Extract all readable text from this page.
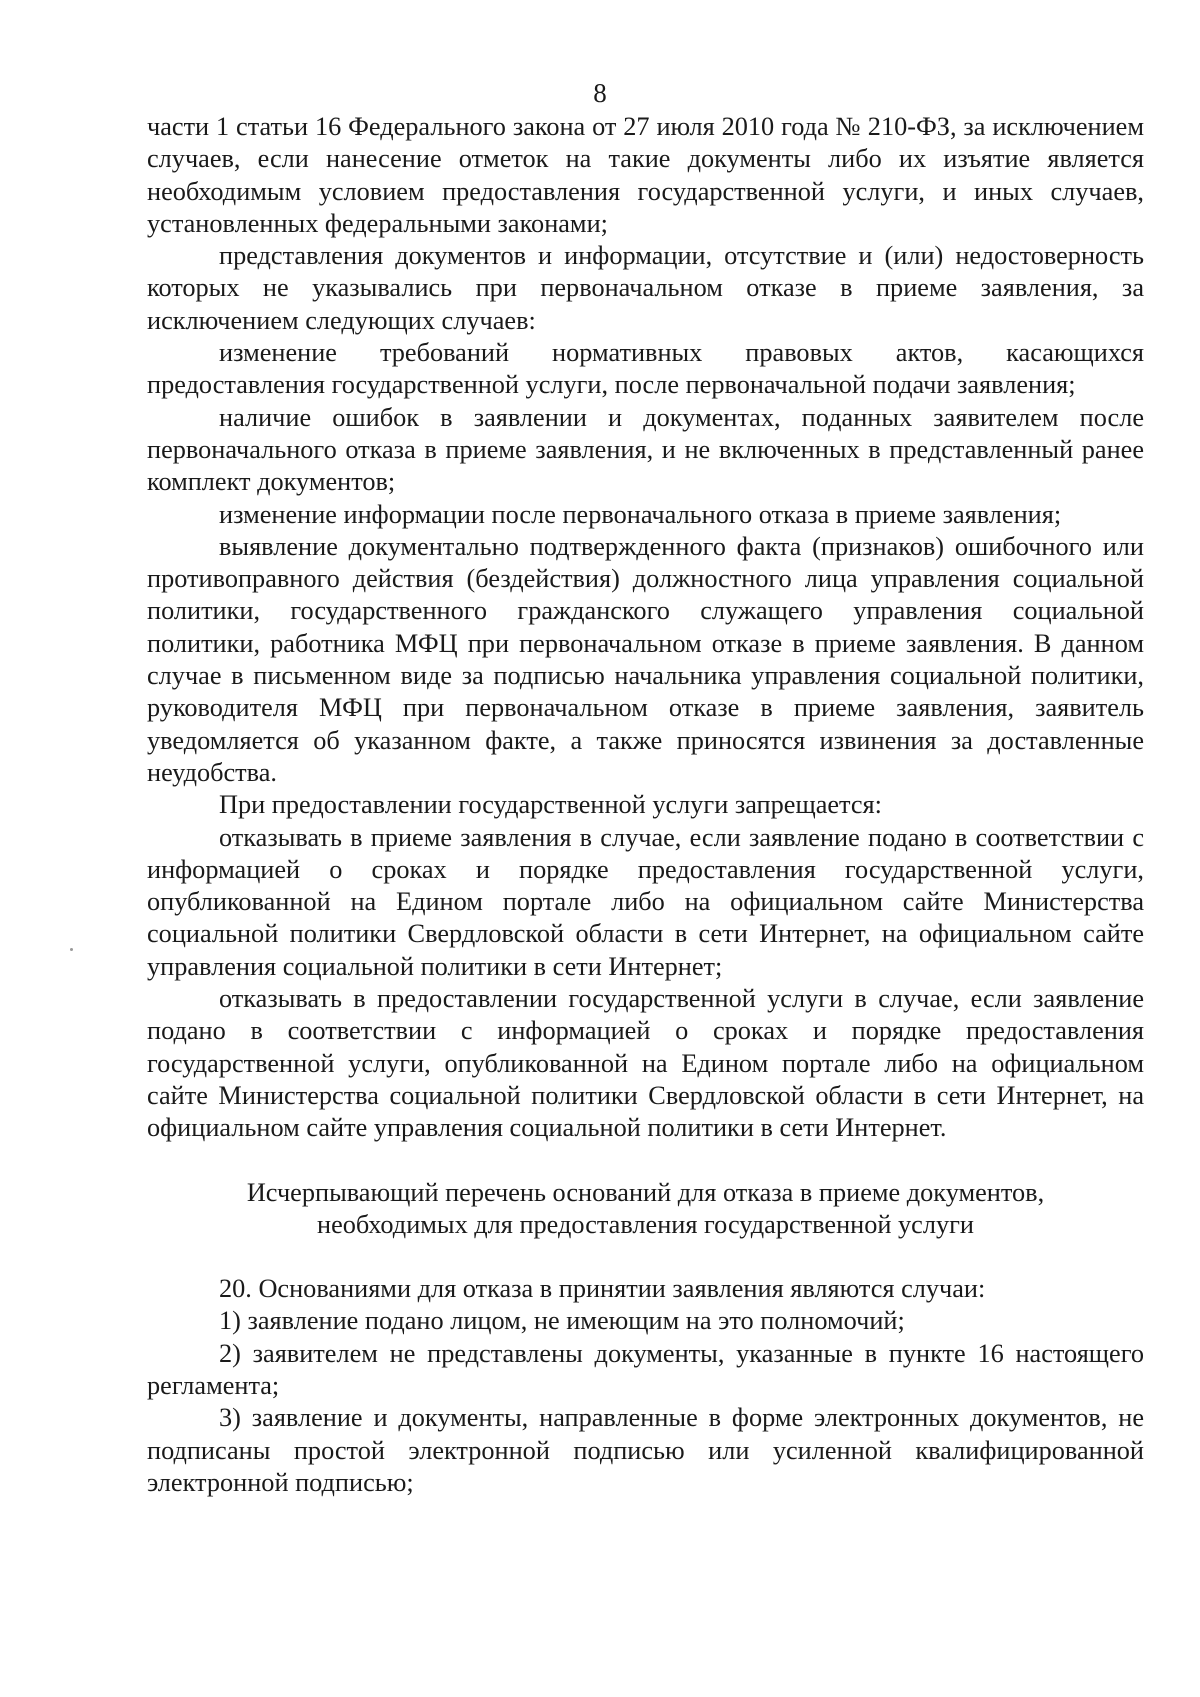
8

части 1 статьи 16 Федерального закона от 27 июля 2010 года № 210-ФЗ, за исключением случаев, если нанесение отметок на такие документы либо их изъятие является необходимым условием предоставления государственной услуги, и иных случаев, установленных федеральными законами;

представления документов и информации, отсутствие и (или) недостоверность которых не указывались при первоначальном отказе в приеме заявления, за исключением следующих случаев:

изменение требований нормативных правовых актов, касающихся предоставления государственной услуги, после первоначальной подачи заявления;

наличие ошибок в заявлении и документах, поданных заявителем после первоначального отказа в приеме заявления, и не включенных в представленный ранее комплект документов;

изменение информации после первоначального отказа в приеме заявления;

выявление документально подтвержденного факта (признаков) ошибочного или противоправного действия (бездействия) должностного лица управления социальной политики, государственного гражданского служащего управления социальной политики, работника МФЦ при первоначальном отказе в приеме заявления. В данном случае в письменном виде за подписью начальника управления социальной политики, руководителя МФЦ при первоначальном отказе в приеме заявления, заявитель уведомляется об указанном факте, а также приносятся извинения за доставленные неудобства.

При предоставлении государственной услуги запрещается:

отказывать в приеме заявления в случае, если заявление подано в соответствии с информацией о сроках и порядке предоставления государственной услуги, опубликованной на Едином портале либо на официальном сайте Министерства социальной политики Свердловской области в сети Интернет, на официальном сайте управления социальной политики в сети Интернет;

отказывать в предоставлении государственной услуги в случае, если заявление подано в соответствии с информацией о сроках и порядке предоставления государственной услуги, опубликованной на Едином портале либо на официальном сайте Министерства социальной политики Свердловской области в сети Интернет, на официальном сайте управления социальной политики в сети Интернет.

Исчерпывающий перечень оснований для отказа в приеме документов,
необходимых для предоставления государственной услуги

20. Основаниями для отказа в принятии заявления являются случаи:

1) заявление подано лицом, не имеющим на это полномочий;

2) заявителем не представлены документы, указанные в пункте 16 настоящего регламента;

3) заявление и документы, направленные в форме электронных документов, не подписаны простой электронной подписью или усиленной квалифицированной электронной подписью;
